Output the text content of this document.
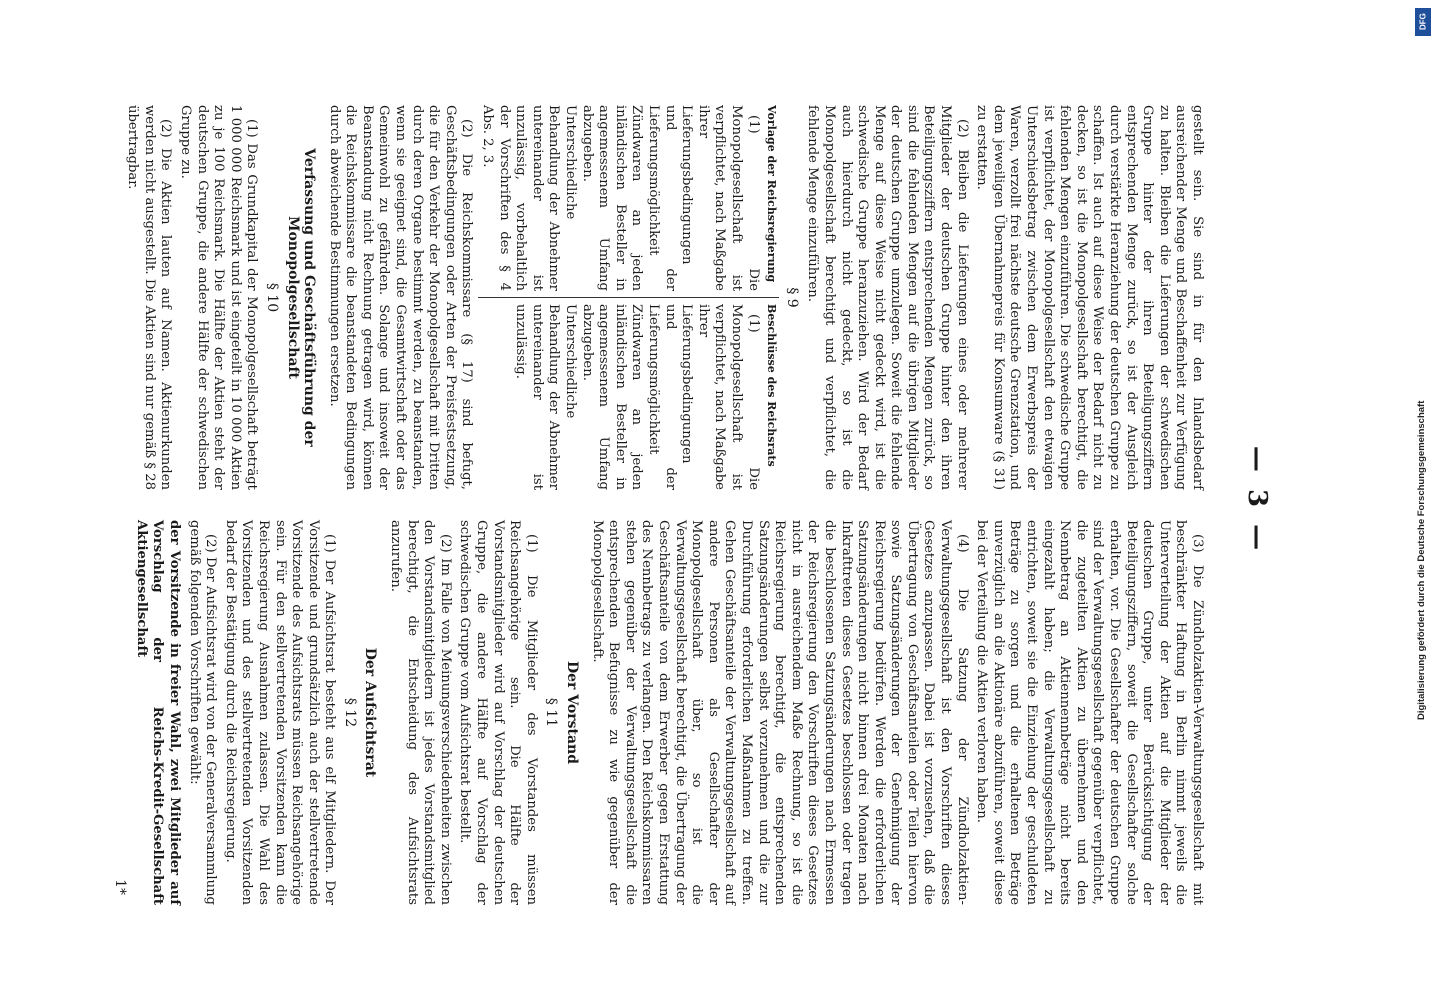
— 3 —

gestellt sein. Sie sind in für den Inlandsbedarf ausreichender Menge und Beschaffenheit zur Verfügung zu halten. Bleiben die Lieferungen der schwedischen Gruppe hinter der ihren Beteiligungsziffern entsprechenden Menge zurück, so ist der Ausgleich durch verstärkte Heranziehung der deutschen Gruppe zu schaffen. Ist auch auf diese Weise der Bedarf nicht zu decken, so ist die Monopolgesellschaft berechtigt, die fehlenden Mengen einzuführen. Die schwedische Gruppe ist verpflichtet, der Monopolgesellschaft den etwaigen Unterschiedsbetrag zwischen dem Erwerbspreis der Waren, verzollt frei nächste deutsche Grenzstation, und dem jeweiligen Übernahmepreis für Konsumware (§ 31) zu erstatten.

(2) Bleiben die Lieferungen eines oder mehrerer Mitglieder der deutschen Gruppe hinter den ihren Beteiligungsziffern entsprechenden Mengen zurück, so sind die fehlenden Mengen auf die übrigen Mitglieder der deutschen Gruppe umzulegen. Soweit die fehlende Menge auf diese Weise nicht gedeckt wird, ist die schwedische Gruppe heranzuziehen. Wird der Bedarf auch hierdurch nicht gedeckt, so ist die Monopolgesellschaft berechtigt und verpflichtet, die fehlende Menge einzuführen.

§ 9
Vorlage der Reichsregierung

(1) Die Monopolgesellschaft ist verpflichtet, nach Maßgabe ihrer Lieferungsbedingungen und der Lieferungsmöglichkeit Zündwaren an jeden inländischen Besteller in angemessenem Umfang abzugeben. Unterschiedliche Behandlung der Abnehmer untereinander ist unzulässig, vorbehaltlich der Vorschriften des § 4 Abs. 2, 3.

Beschlüsse des Reichsrats

(1) Die Monopolgesellschaft ist verpflichtet, nach Maßgabe ihrer Lieferungsbedingungen und der Lieferungsmöglichkeit Zündwaren an jeden inländischen Besteller in angemessenem Umfang abzugeben. Unterschiedliche Behandlung der Abnehmer untereinander ist unzulässig.

(2) Die Reichskommissare (§ 17) sind befugt, Geschäftsbedingungen oder Arten der Preisfestsetzung, die für den Verkehr der Monopolgesellschaft mit Dritten durch deren Organe bestimmt werden, zu beanstanden, wenn sie geeignet sind, die Gesamtwirtschaft oder das Gemeinwohl zu gefährden. Solange und insoweit der Beanstandung nicht Rechnung getragen wird, können die Reichskommissare die beanstandeten Bedingungen durch abweichende Bestimmungen ersetzen.

Verfassung und Geschäftsführung der Monopolgesellschaft
§ 10

(1) Das Grundkapital der Monopolgesellschaft beträgt 1 000 000 Reichsmark und ist eingeteilt in 10 000 Aktien zu je 100 Reichsmark. Die Hälfte der Aktien steht der deutschen Gruppe, die andere Hälfte der schwedischen Gruppe zu.

(2) Die Aktien lauten auf Namen. Aktienurkunden werden nicht ausgestellt. Die Aktien sind nur gemäß § 28 übertragbar.

(3) Die Zündholzaktien-Verwaltungsgesellschaft mit beschränkter Haftung in Berlin nimmt jeweils die Unterverteilung der Aktien auf die Mitglieder der deutschen Gruppe, unter Berücksichtigung der Beteiligungsziffern, soweit die Gesellschafter solche erhalten, vor. Die Gesellschafter der deutschen Gruppe sind der Verwaltungsgesellschaft gegenüber verpflichtet, die zugeteilten Aktien zu übernehmen und den Nennbetrag an Aktiennennbeträge nicht bereits eingezahlt haben; die Verwaltungsgesellschaft zu entrichten, soweit sie die Einziehung der geschuldeten Beträge zu sorgen und die erhaltenen Beträge unverzüglich an die Aktionäre abzuführen, soweit diese bei der Verteilung die Aktien verloren haben.

(4) Die Satzung der Zündholzaktien-Verwaltungsgesellschaft ist den Vorschriften dieses Gesetzes anzupassen. Dabei ist vorzusehen, daß die Übertragung von Geschäftsanteilen oder Teilen hiervon sowie Satzungsänderungen der Genehmigung der Reichsregierung bedürfen. Werden die erforderlichen Satzungsänderungen nicht binnen drei Monaten nach Inkrafttreten dieses Gesetzes beschlossen oder tragen die beschlossenen Satzungsänderungen nach Ermessen der Reichsregierung den Vorschriften dieses Gesetzes nicht in ausreichendem Maße Rechnung, so ist die Reichsregierung berechtigt, die entsprechenden Satzungsänderungen selbst vorzunehmen und die zur Durchführung erforderlichen Maßnahmen zu treffen. Gehen Geschäftsanteile der Verwaltungsgesellschaft auf andere Personen als Gesellschafter der Monopolgesellschaft über, so ist die Verwaltungsgesellschaft berechtigt, die Übertragung der Geschäftsanteile von dem Erwerber gegen Erstattung des Nennbetrags zu verlangen. Den Reichskommissaren stehen gegenüber der Verwaltungsgesellschaft die entsprechenden Befugnisse zu wie gegenüber der Monopolgesellschaft.

Der Vorstand
§ 11

(1) Die Mitglieder des Vorstandes müssen Reichsangehörige sein. Die Hälfte der Vorstandsmitglieder wird auf Vorschlag der deutschen Gruppe, die andere Hälfte auf Vorschlag der schwedischen Gruppe vom Aufsichtsrat bestellt.

(2) Im Falle von Meinungsverschiedenheiten zwischen den Vorstandsmitgliedern ist jedes Vorstandsmitglied berechtigt, die Entscheidung des Aufsichtsrats anzurufen.

Der Aufsichtsrat
§ 12

(1) Der Aufsichtsrat besteht aus elf Mitgliedern. Der Vorsitzende und grundsätzlich auch der stellvertretende Vorsitzende des Aufsichtsrats müssen Reichsangehörige sein. Für den stellvertretenden Vorsitzenden kann die Reichsregierung Ausnahmen zulassen. Die Wahl des Vorsitzenden und des stellvertretenden Vorsitzenden bedarf der Bestätigung durch die Reichsregierung.

(2) Der Aufsichtsrat wird von der Generalversammlung gemäß folgenden Vorschriften gewählt:

der Vorsitzende in freier Wahl, zwei Mitglieder auf Vorschlag der Reichs-Kredit-Gesellschaft Aktiengesellschaft

1*
DFG
Digitalisierung gefördert durch die Deutsche Forschungsgemeinschaft
